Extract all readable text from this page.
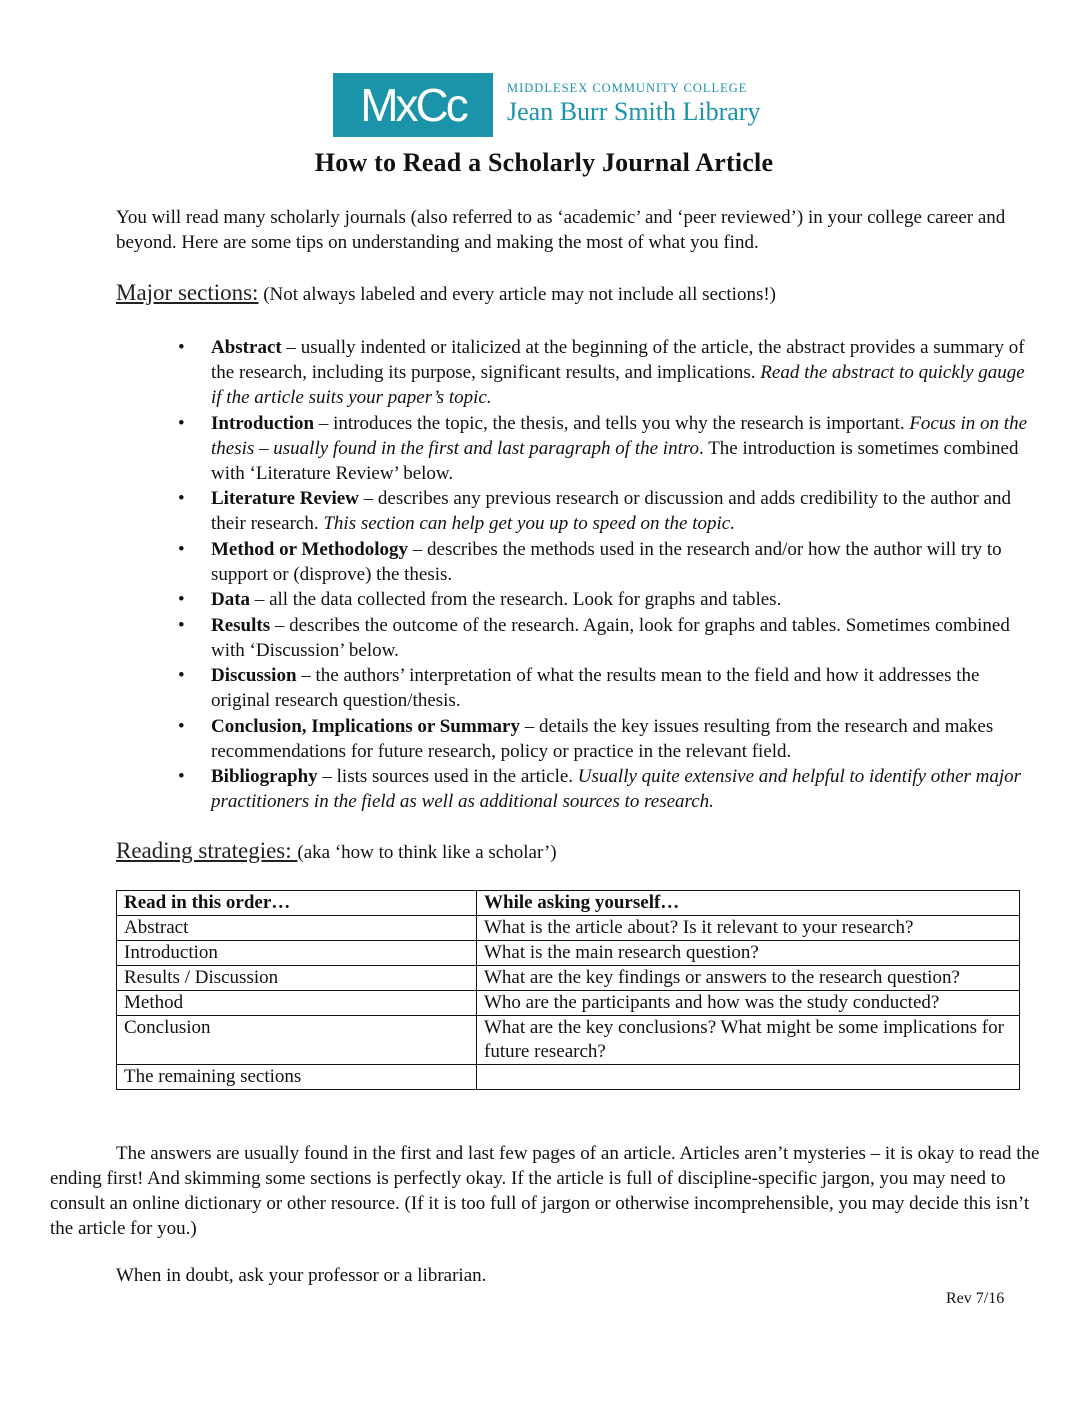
MxCc	MIDDLESEX COMMUNITY COLLEGE
Jean Burr Smith Library
How to Read a Scholarly Journal Article
You will read many scholarly journals (also referred to as ‘academic’ and ‘peer reviewed’) in your college career and beyond. Here are some tips on understanding and making the most of what you find.
Major sections: (Not always labeled and every article may not include all sections!)
• Abstract – usually indented or italicized at the beginning of the article, the abstract provides a summary of the research, including its purpose, significant results, and implications. Read the abstract to quickly gauge if the article suits your paper’s topic.
• Introduction – introduces the topic, the thesis, and tells you why the research is important. Focus in on the thesis – usually found in the first and last paragraph of the intro. The introduction is sometimes combined with ‘Literature Review’ below.
• Literature Review – describes any previous research or discussion and adds credibility to the author and their research. This section can help get you up to speed on the topic.
• Method or Methodology – describes the methods used in the research and/or how the author will try to support or (disprove) the thesis.
• Data – all the data collected from the research. Look for graphs and tables.
• Results – describes the outcome of the research. Again, look for graphs and tables. Sometimes combined with ‘Discussion’ below.
• Discussion – the authors’ interpretation of what the results mean to the field and how it addresses the original research question/thesis.
• Conclusion, Implications or Summary – details the key issues resulting from the research and makes recommendations for future research, policy or practice in the relevant field.
• Bibliography – lists sources used in the article. Usually quite extensive and helpful to identify other major practitioners in the field as well as additional sources to research.
Reading strategies: (aka ‘how to think like a scholar’)
Read in this order…	While asking yourself…
Abstract	What is the article about? Is it relevant to your research?
Introduction	What is the main research question?
Results / Discussion	What are the key findings or answers to the research question?
Method	Who are the participants and how was the study conducted?
Conclusion	What are the key conclusions? What might be some implications for future research?
The remaining sections	
The answers are usually found in the first and last few pages of an article. Articles aren’t mysteries – it is okay to read the ending first! And skimming some sections is perfectly okay. If the article is full of discipline-specific jargon, you may need to consult an online dictionary or other resource. (If it is too full of jargon or otherwise incomprehensible, you may decide this isn’t the article for you.)
When in doubt, ask your professor or a librarian.
Rev 7/16
